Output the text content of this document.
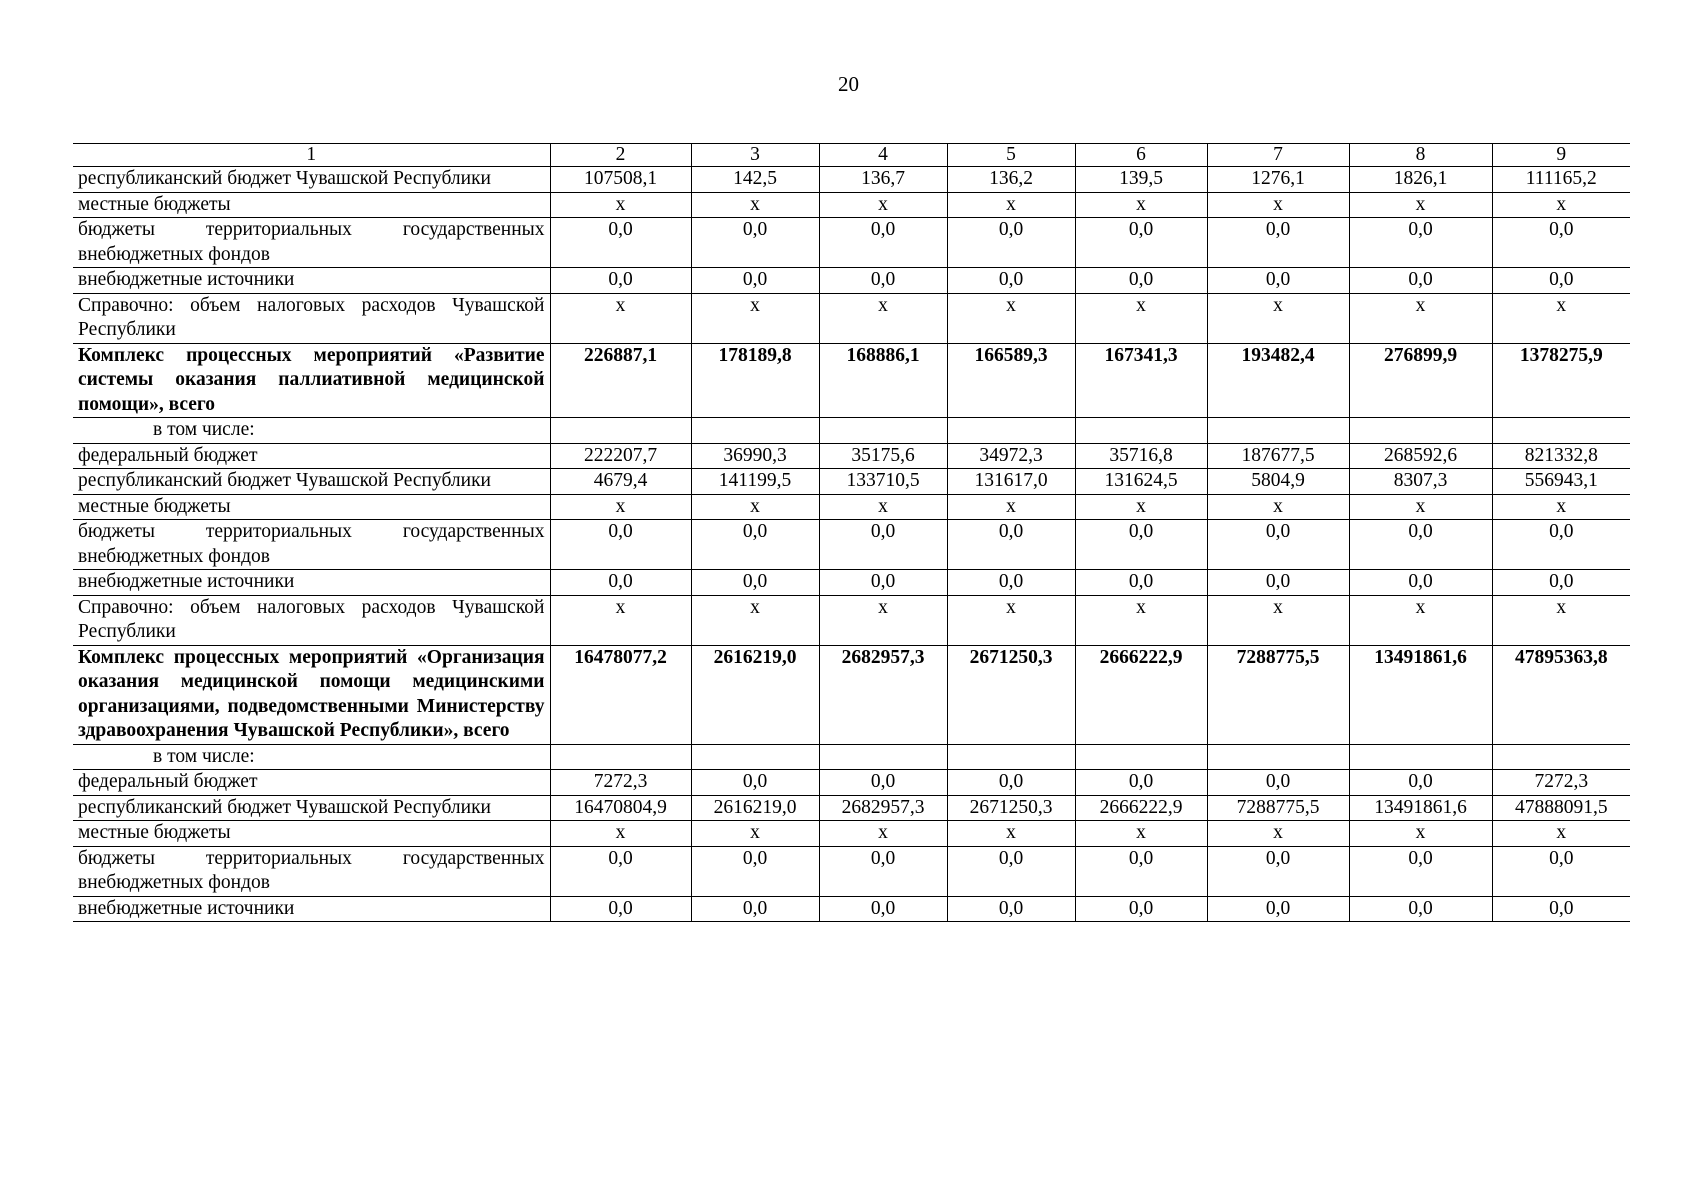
20
1	2	3	4	5	6	7	8	9
республиканский бюджет Чувашской Республики	107508,1	142,5	136,7	136,2	139,5	1276,1	1826,1	111165,2
местные бюджеты	х	х	х	х	х	х	х	х
бюджеты территориальных государственных внебюджетных фондов	0,0	0,0	0,0	0,0	0,0	0,0	0,0	0,0
внебюджетные источники	0,0	0,0	0,0	0,0	0,0	0,0	0,0	0,0
Справочно: объем налоговых расходов Чувашской Республики	х	х	х	х	х	х	х	х
Комплекс процессных мероприятий «Развитие системы оказания паллиативной медицинской помощи», всего	226887,1	178189,8	168886,1	166589,3	167341,3	193482,4	276899,9	1378275,9
в том числе:								
федеральный бюджет	222207,7	36990,3	35175,6	34972,3	35716,8	187677,5	268592,6	821332,8
республиканский бюджет Чувашской Республики	4679,4	141199,5	133710,5	131617,0	131624,5	5804,9	8307,3	556943,1
местные бюджеты	х	х	х	х	х	х	х	х
бюджеты территориальных государственных внебюджетных фондов	0,0	0,0	0,0	0,0	0,0	0,0	0,0	0,0
внебюджетные источники	0,0	0,0	0,0	0,0	0,0	0,0	0,0	0,0
Справочно: объем налоговых расходов Чувашской Республики	х	х	х	х	х	х	х	х
Комплекс процессных мероприятий «Организация оказания медицинской помощи медицинскими организациями, подведомственными Министерству здравоохранения Чувашской Республики», всего	16478077,2	2616219,0	2682957,3	2671250,3	2666222,9	7288775,5	13491861,6	47895363,8
в том числе:								
федеральный бюджет	7272,3	0,0	0,0	0,0	0,0	0,0	0,0	7272,3
республиканский бюджет Чувашской Республики	16470804,9	2616219,0	2682957,3	2671250,3	2666222,9	7288775,5	13491861,6	47888091,5
местные бюджеты	х	х	х	х	х	х	х	х
бюджеты территориальных государственных внебюджетных фондов	0,0	0,0	0,0	0,0	0,0	0,0	0,0	0,0
внебюджетные источники	0,0	0,0	0,0	0,0	0,0	0,0	0,0	0,0
